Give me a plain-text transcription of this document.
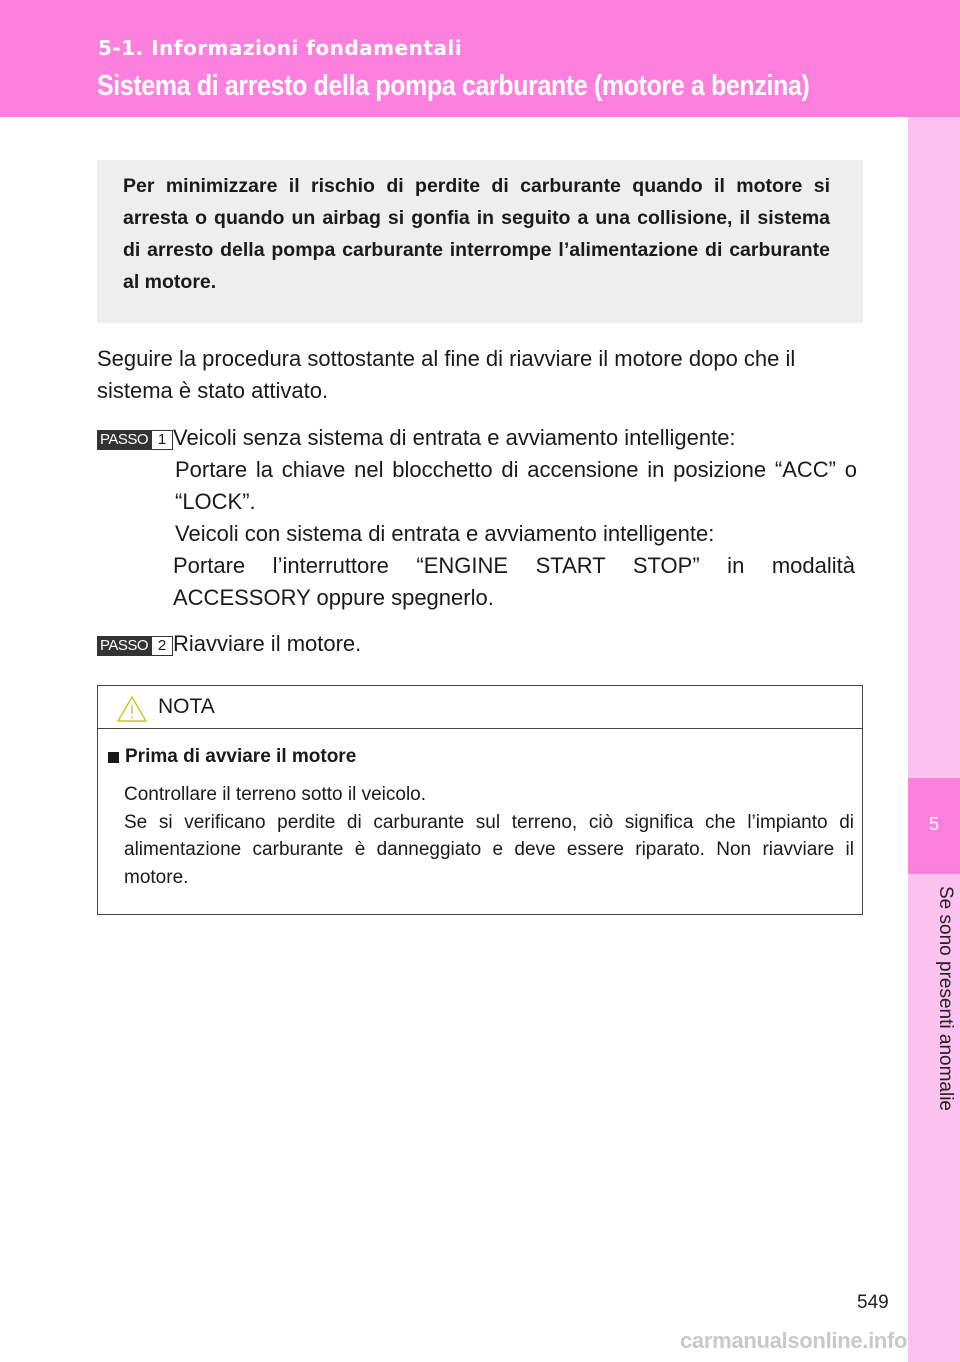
5-1. Informazioni fondamentali
Sistema di arresto della pompa carburante (motore a benzina)
5
Se sono presenti anomalie

Per minimizzare il rischio di perdite di carburante quando il motore si arresta o quando un airbag si gonfia in seguito a una collisione, il sistema di arresto della pompa carburante interrompe l’alimentazione di carburante al motore.

Seguire la procedura sottostante al fine di riavviare il motore dopo che il sistema è stato attivato.

PASSO 1 Veicoli senza sistema di entrata e avviamento intelligente:

Portare la chiave nel blocchetto di accensione in posizione “ACC” o “LOCK”.

Veicoli con sistema di entrata e avviamento intelligente:

Portare l’interruttore “ENGINE START STOP” in modalità ACCESSORY oppure spegnerlo.

PASSO 2 Riavviare il motore.
NOTA
Prima di avviare il motore
Controllare il terreno sotto il veicolo.
Se si verificano perdite di carburante sul terreno, ciò significa che l’impianto di alimentazione carburante è danneggiato e deve essere riparato. Non riavviare il motore.
549
carmanualsonline.info
